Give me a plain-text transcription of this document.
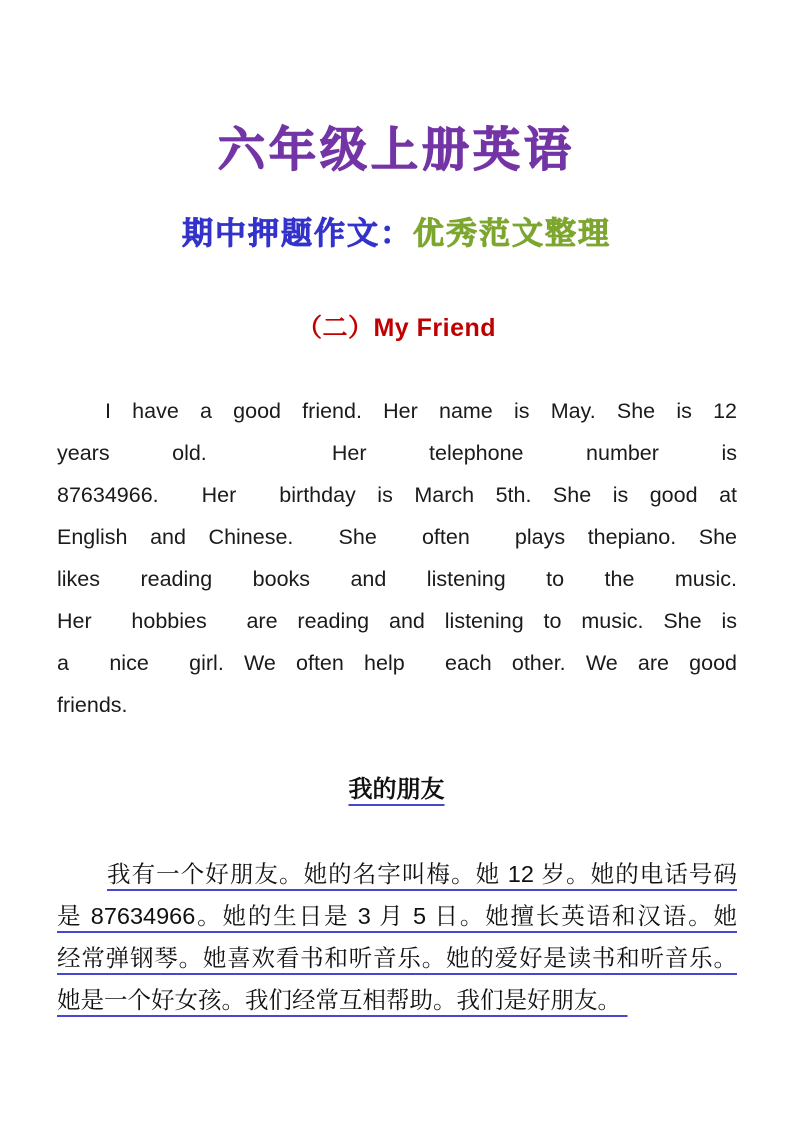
六年级上册英语
期中押题作文：优秀范文整理
（二）My Friend
I have a good friend. Her name is May. She is 12
years old.  Her telephone number is
87634966.  Her  birthday is March 5th. She is good at
English and Chinese.  She  often  plays thepiano. She
likes reading books and listening to the music.
Her  hobbies  are reading and listening to music. She is
a  nice  girl. We often help  each other. We are good
friends.
我的朋友
我有一个好朋友。她的名字叫梅。她 12 岁。她的电话号码
是 87634966。她的生日是 3 月 5 日。她擅长英语和汉语。她
经常弹钢琴。她喜欢看书和听音乐。她的爱好是读书和听音乐。
她是一个好女孩。我们经常互相帮助。我们是好朋友。
